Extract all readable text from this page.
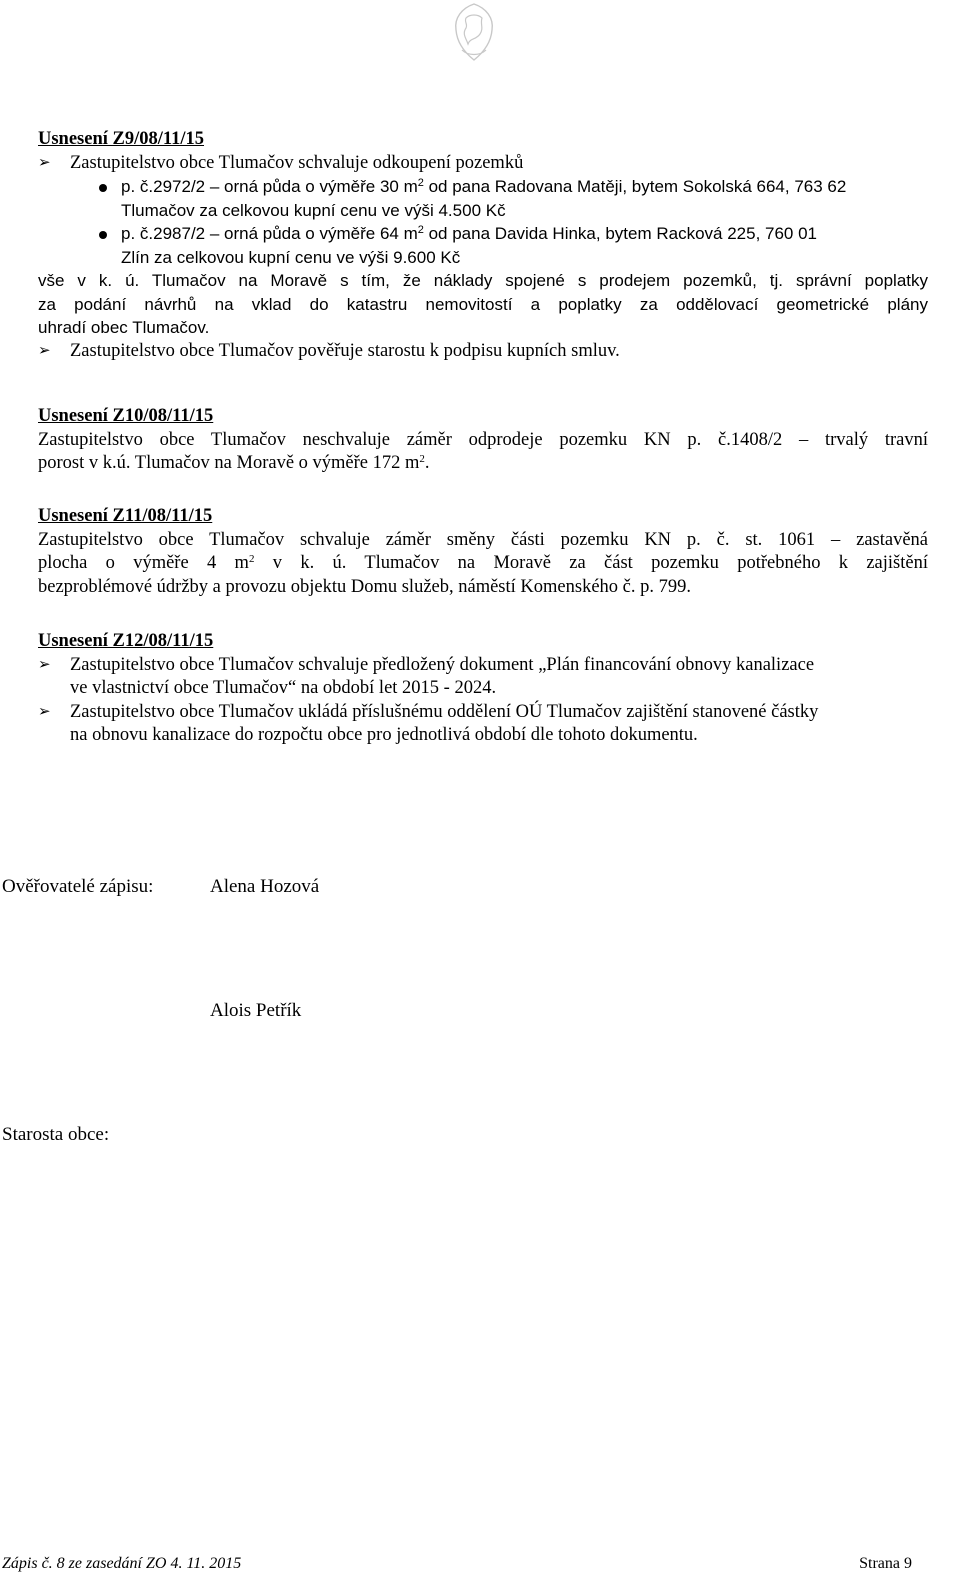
Usnesení Z9/08/11/15
➢	Zastupitelstvo obce Tlumačov schvaluje odkoupení pozemků
p. č.2972/2 – orná půda o výměře 30 $m^2$ od pana Radovana Matěji, bytem Sokolská 664, 763 62
Tlumačov za celkovou kupní cenu ve výši 4.500 Kč
p. č.2987/2 – orná půda o výměře 64 $m^2$ od pana Davida Hinka, bytem Racková 225, 760 01
Zlín za celkovou kupní cenu ve výši 9.600 Kč
vše v k. ú. Tlumačov na Moravě s tím, že náklady spojené s prodejem pozemků, tj. správní poplatky
za podání návrhů na vklad do katastru nemovitostí a poplatky za oddělovací geometrické plány
uhradí obec Tlumačov.
➢	Zastupitelstvo obce Tlumačov pověřuje starostu k podpisu kupních smluv.
Usnesení Z10/08/11/15
Zastupitelstvo obce Tlumačov neschvaluje záměr odprodeje pozemku KN p. č.1408/2 – trvalý travní
porost v k.ú. Tlumačov na Moravě o výměře 172 $m^2$.
Usnesení Z11/08/11/15
Zastupitelstvo obce Tlumačov schvaluje záměr směny části pozemku KN p. č. st. 1061 – zastavěná
plocha o výměře 4 $m^2$ v k. ú. Tlumačov na Moravě za část pozemku potřebného k zajištění
bezproblémové údržby a provozu objektu Domu služeb, náměstí Komenského č. p. 799.
Usnesení Z12/08/11/15
➢	Zastupitelstvo obce Tlumačov schvaluje předložený dokument „Plán financování obnovy kanalizace
ve vlastnictví obce Tlumačov“ na období let 2015 - 2024.
➢	Zastupitelstvo obce Tlumačov ukládá příslušnému oddělení OÚ Tlumačov zajištění stanovené částky
na obnovu kanalizace do rozpočtu obce pro jednotlivá období dle tohoto dokumentu.
Ověřovatelé zápisu:	Alena Hozová
Alois Petřík
Starosta obce:
Zápis č. 8 ze zasedání ZO 4. 11. 2015	Strana 9
